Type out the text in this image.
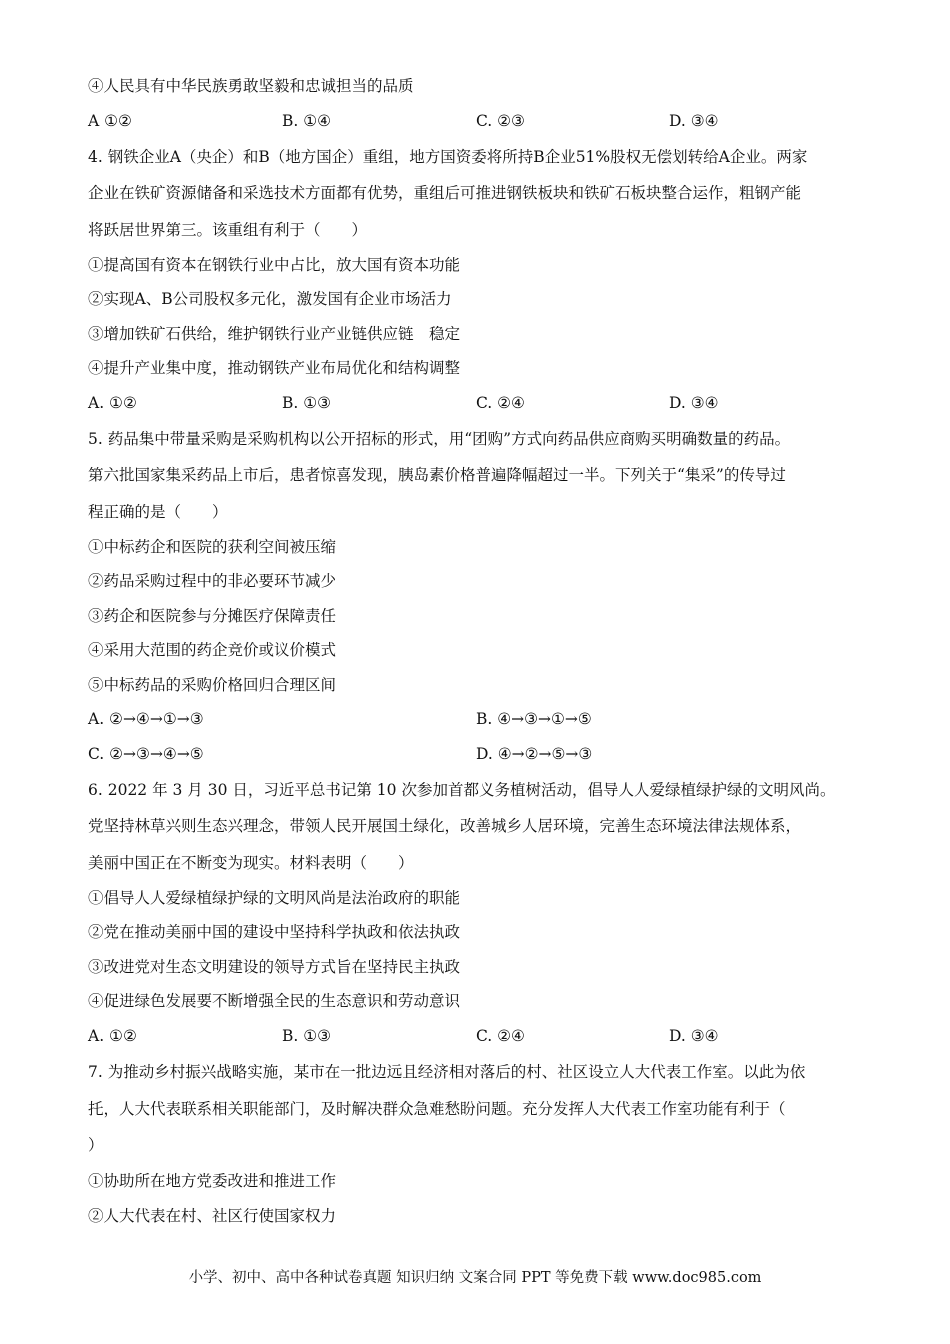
④人民具有中华民族勇敢坚毅和忠诚担当的品质
A ①②	B. ①④	C. ②③	D. ③④
4. 钢铁企业A（央企）和B（地方国企）重组，地方国资委将所持B企业51%股权无偿划转给A企业。两家
企业在铁矿资源储备和采选技术方面都有优势，重组后可推进钢铁板块和铁矿石板块整合运作，粗钢产能
将跃居世界第三。该重组有利于（　　）
①提高国有资本在钢铁行业中占比，放大国有资本功能
②实现A、B公司股权多元化，激发国有企业市场活力
③增加铁矿石供给，维护钢铁行业产业链供应链　稳定
④提升产业集中度，推动钢铁产业布局优化和结构调整
A. ①②	B. ①③	C. ②④	D. ③④
5. 药品集中带量采购是采购机构以公开招标的形式，用“团购”方式向药品供应商购买明确数量的药品。
第六批国家集采药品上市后，患者惊喜发现，胰岛素价格普遍降幅超过一半。下列关于“集采”的传导过
程正确的是（　　）
①中标药企和医院的获利空间被压缩
②药品采购过程中的非必要环节减少
③药企和医院参与分摊医疗保障责任
④采用大范围的药企竞价或议价模式
⑤中标药品的采购价格回归合理区间
A. ②→④→①→③	B. ④→③→①→⑤
C. ②→③→④→⑤	D. ④→②→⑤→③
6. 2022 年 3 月 30 日，习近平总书记第 10 次参加首都义务植树活动，倡导人人爱绿植绿护绿的文明风尚。
党坚持林草兴则生态兴理念，带领人民开展国土绿化，改善城乡人居环境，完善生态环境法律法规体系，
美丽中国正在不断变为现实。材料表明（　　）
①倡导人人爱绿植绿护绿的文明风尚是法治政府的职能
②党在推动美丽中国的建设中坚持科学执政和依法执政
③改进党对生态文明建设的领导方式旨在坚持民主执政
④促进绿色发展要不断增强全民的生态意识和劳动意识
A. ①②	B. ①③	C. ②④	D. ③④
7. 为推动乡村振兴战略实施，某市在一批边远且经济相对落后的村、社区设立人大代表工作室。以此为依
托，人大代表联系相关职能部门，及时解决群众急难愁盼问题。充分发挥人大代表工作室功能有利于（
）
①协助所在地方党委改进和推进工作
②人大代表在村、社区行使国家权力
小学、初中、高中各种试卷真题 知识归纳 文案合同 PPT 等免费下载 www.doc985.com
